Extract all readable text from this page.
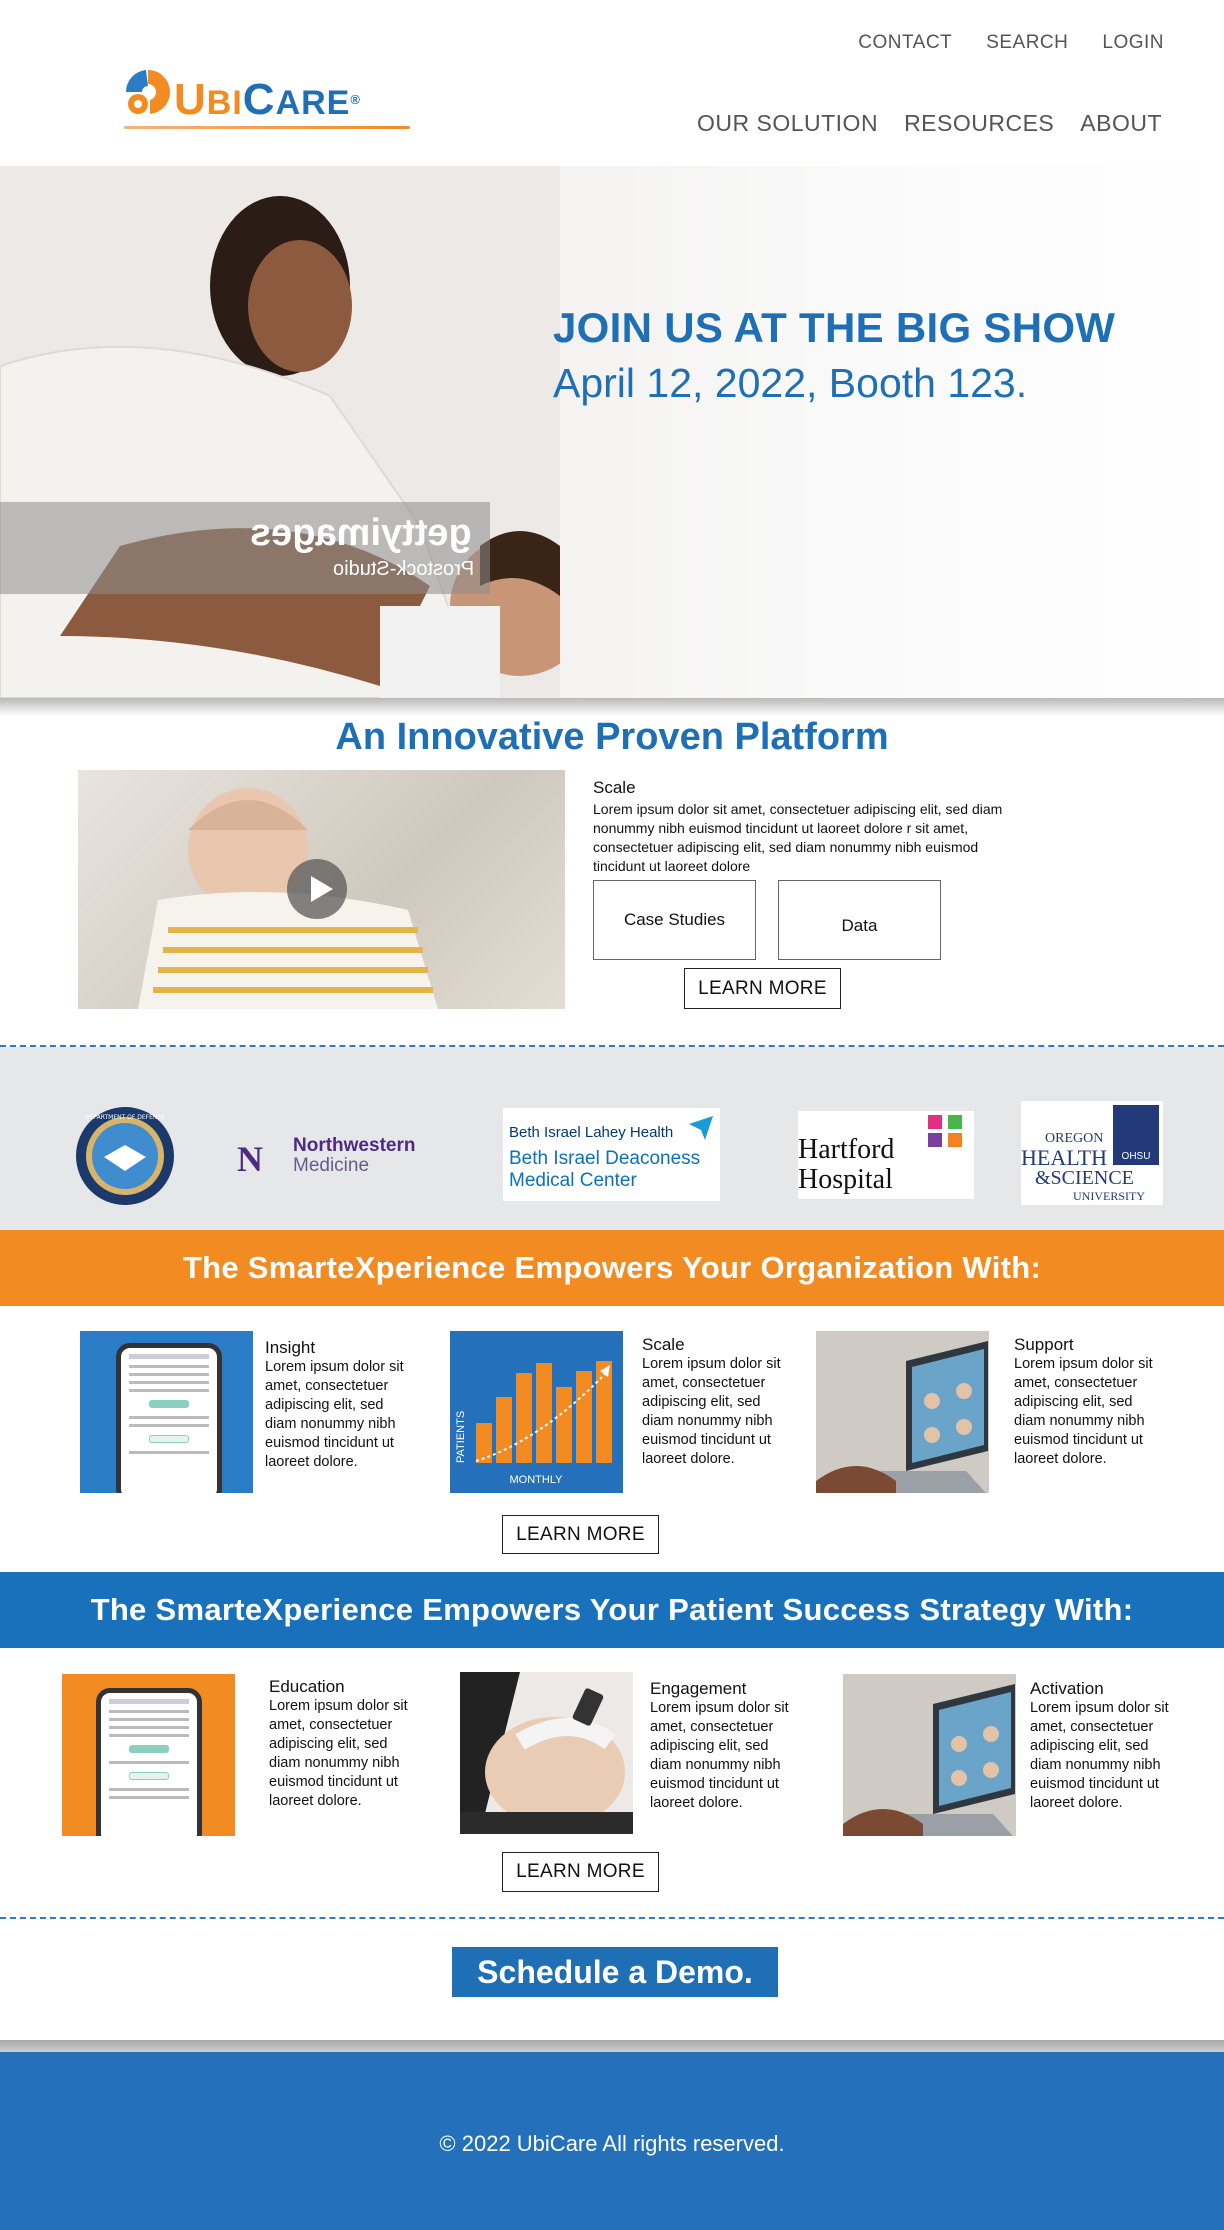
UBICARE®
CONTACT SEARCH LOGIN
OUR SOLUTION RESOURCES ABOUT
gettyimages
Prostock-Studio
JOIN US AT THE BIG SHOW
April 12, 2022, Booth 123.
An Innovative Proven Platform
Scale
Lorem ipsum dolor sit amet, consectetuer adipiscing elit, sed diam nonummy nibh euismod tincidunt ut laoreet dolore r sit amet, consectetuer adipiscing elit, sed diam nonummy nibh euismod tincidunt ut laoreet dolore
Case Studies	Data
LEARN MORE
DEPARTMENT OF DEFENSE
N Northwestern
Medicine
Beth Israel Lahey Health
Beth Israel Deaconess
Medical Center
Hartford
Hospital
OHSU
OREGON
HEALTH
&SCIENCE
UNIVERSITY
The SmarteXperience Empowers Your Organization With:
Insight
Lorem ipsum dolor sit amet, consectetuer adipiscing elit, sed diam nonummy nibh euismod tincidunt ut laoreet dolore.
MONTHLY
PATIENTS
Scale
Lorem ipsum dolor sit amet, consectetuer adipiscing elit, sed diam nonummy nibh euismod tincidunt ut laoreet dolore.
Support
Lorem ipsum dolor sit amet, consectetuer adipiscing elit, sed diam nonummy nibh euismod tincidunt ut laoreet dolore.
LEARN MORE
The SmarteXperience Empowers Your Patient Success Strategy With:
Education
Lorem ipsum dolor sit amet, consectetuer adipiscing elit, sed diam nonummy nibh euismod tincidunt ut laoreet dolore.
Engagement
Lorem ipsum dolor sit amet, consectetuer adipiscing elit, sed diam nonummy nibh euismod tincidunt ut laoreet dolore.
Activation
Lorem ipsum dolor sit amet, consectetuer adipiscing elit, sed diam nonummy nibh euismod tincidunt ut laoreet dolore.
LEARN MORE
Schedule a Demo.
© 2022 UbiCare All rights reserved.
